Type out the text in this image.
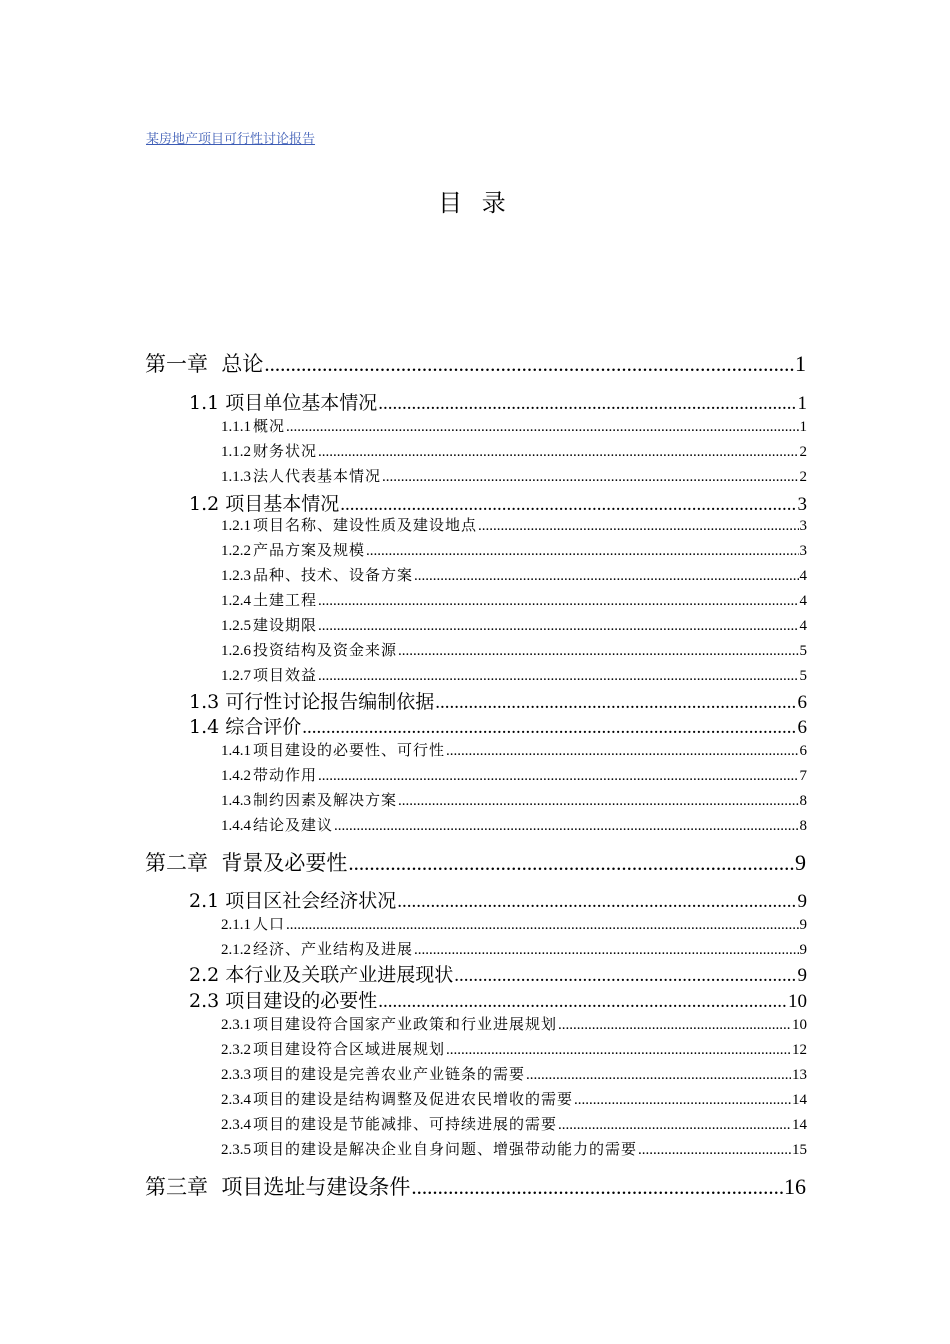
某房地产项目可行性讨论报告
目 录
第一章 总论 .....	1
1.1 项目单位基本情况 .....	1
1.1.1 概况 .....	1
1.1.2 财务状况 .....	2
1.1.3 法人代表基本情况 .....	2
1.2 项目基本情况 .....	3
1.2.1 项目名称、建设性质及建设地点 .....	3
1.2.2 产品方案及规模 .....	3
1.2.3 品种、技术、设备方案 .....	4
1.2.4 土建工程 .....	4
1.2.5 建设期限 .....	4
1.2.6 投资结构及资金来源 .....	5
1.2.7 项目效益 .....	5
1.3 可行性讨论报告编制依据 .....	6
1.4 综合评价 .....	6
1.4.1 项目建设的必要性、可行性 .....	6
1.4.2 带动作用 .....	7
1.4.3 制约因素及解决方案 .....	8
1.4.4 结论及建议 .....	8
第二章 背景及必要性 .....	9
2.1 项目区社会经济状况 .....	9
2.1.1 人口 .....	9
2.1.2 经济、产业结构及进展 .....	9
2.2 本行业及关联产业进展现状 .....	9
2.3 项目建设的必要性 .....	10
2.3.1 项目建设符合国家产业政策和行业进展规划 .....	10
2.3.2 项目建设符合区域进展规划 .....	12
2.3.3 项目的建设是完善农业产业链条的需要 .....	13
2.3.4 项目的建设是结构调整及促进农民增收的需要 .....	14
2.3.4 项目的建设是节能减排、可持续进展的需要 .....	14
2.3.5 项目的建设是解决企业自身问题、增强带动能力的需要 .....	15
第三章 项目选址与建设条件 .....	16
